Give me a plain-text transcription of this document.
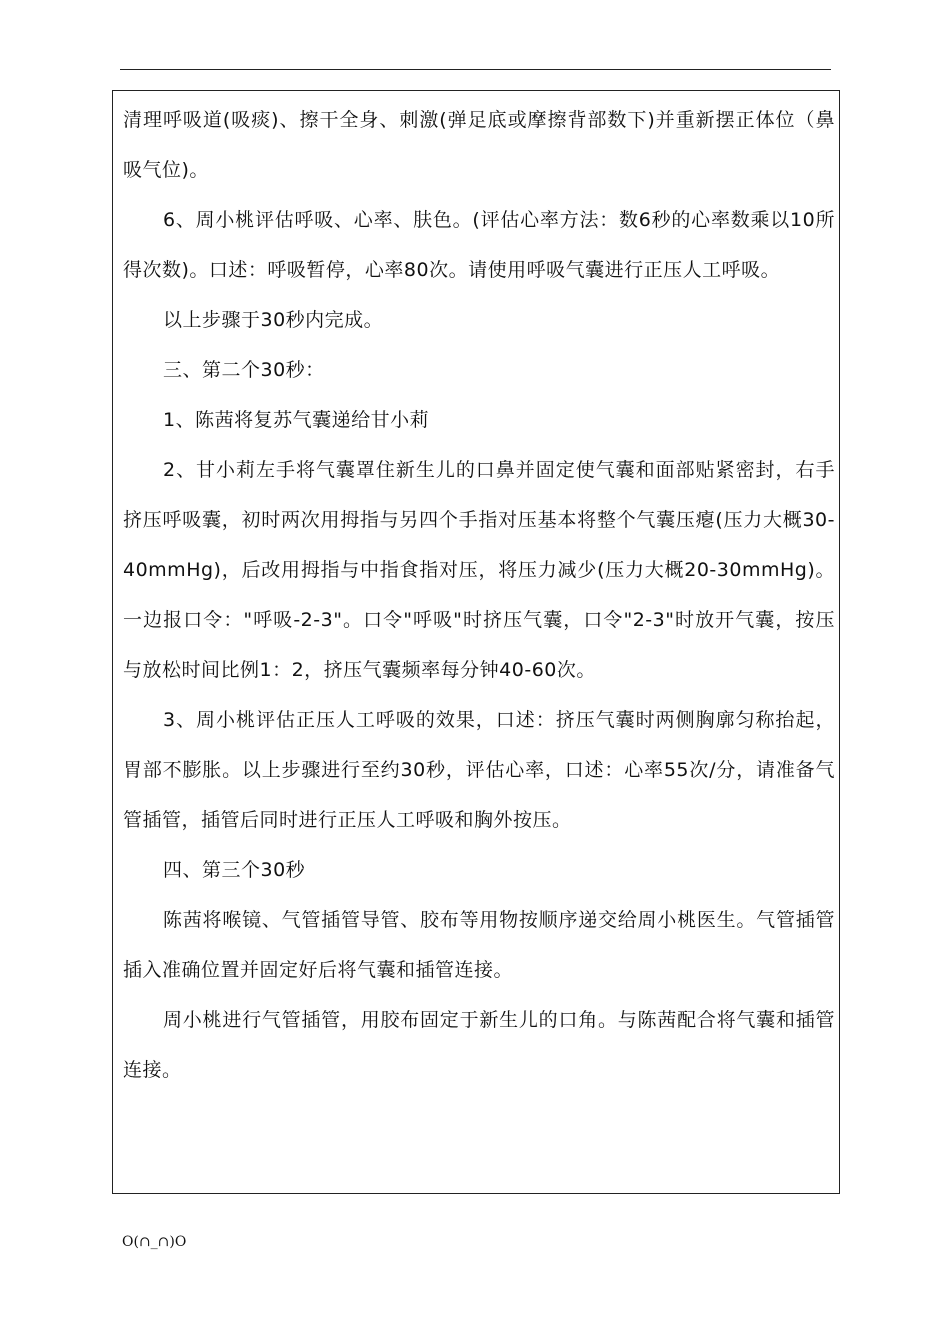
清理呼吸道(吸痰)、擦干全身、刺激(弹足底或摩擦背部数下)并重新摆正体位（鼻吸气位)。

6、周小桃评估呼吸、心率、肤色。(评估心率方法：数6秒的心率数乘以10所得次数)。口述：呼吸暂停，心率80次。请使用呼吸气囊进行正压人工呼吸。

以上步骤于30秒内完成。

三、第二个30秒：

1、陈茜将复苏气囊递给甘小莉

2、甘小莉左手将气囊罩住新生儿的口鼻并固定使气囊和面部贴紧密封，右手挤压呼吸囊，初时两次用拇指与另四个手指对压基本将整个气囊压瘪(压力大概30-40mmHg)，后改用拇指与中指食指对压，将压力减少(压力大概20-30mmHg)。一边报口令："呼吸-2-3"。口令"呼吸"时挤压气囊，口令"2-3"时放开气囊，按压与放松时间比例1：2，挤压气囊频率每分钟40-60次。

3、周小桃评估正压人工呼吸的效果，口述：挤压气囊时两侧胸廓匀称抬起，胃部不膨胀。以上步骤进行至约30秒，评估心率，口述：心率55次/分，请准备气管插管，插管后同时进行正压人工呼吸和胸外按压。

四、第三个30秒

陈茜将喉镜、气管插管导管、胶布等用物按顺序递交给周小桃医生。气管插管插入准确位置并固定好后将气囊和插管连接。

周小桃进行气管插管，用胶布固定于新生儿的口角。与陈茜配合将气囊和插管连接。

O(∩_∩)O
